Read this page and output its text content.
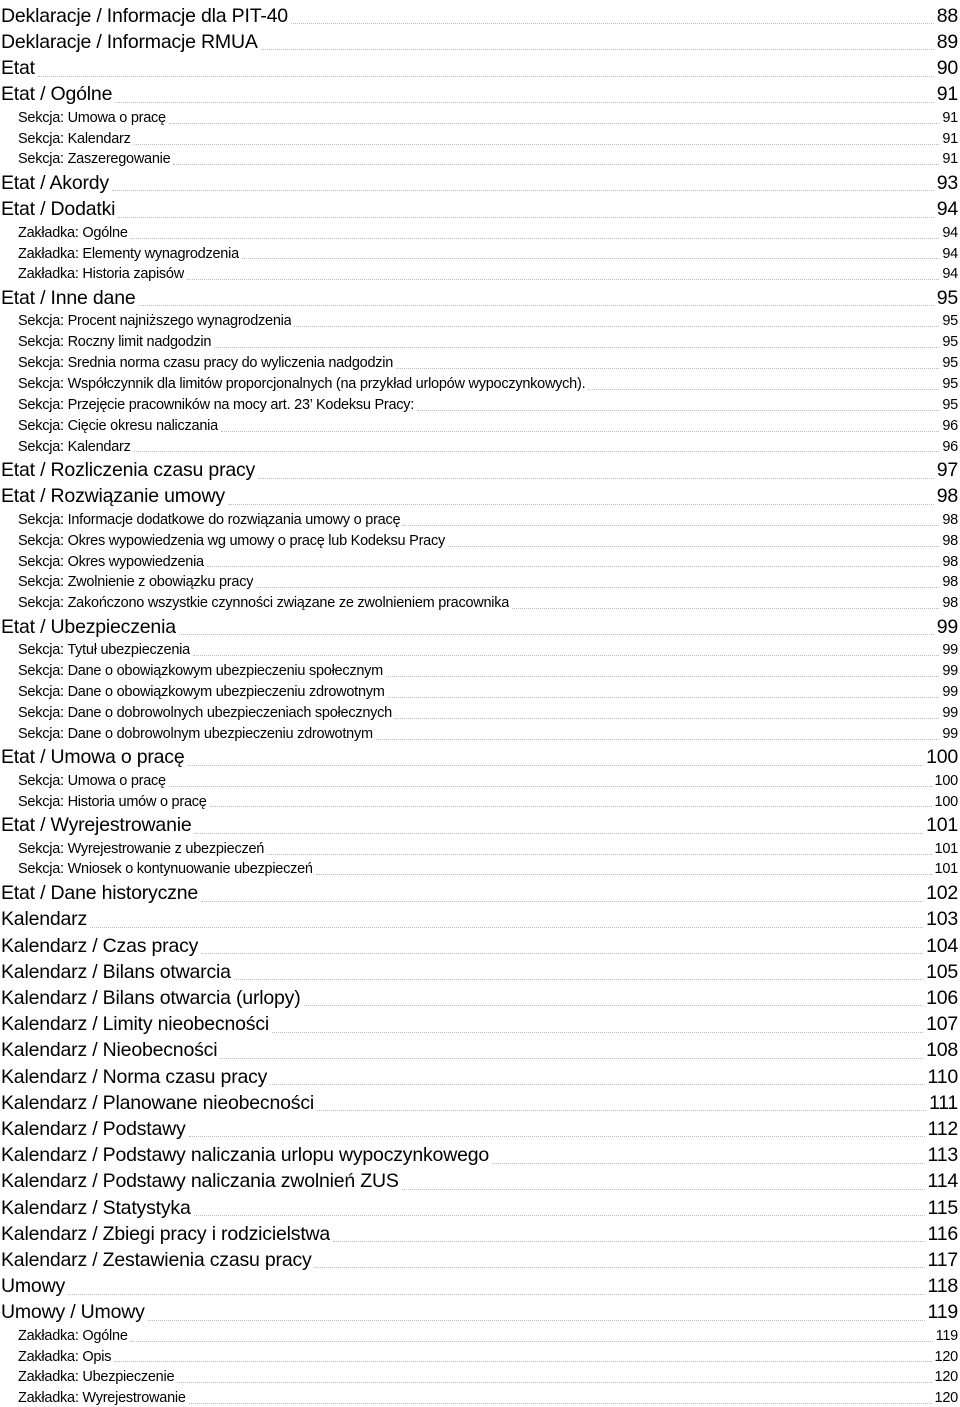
Deklaracje / Informacje dla PIT-40	88
Deklaracje / Informacje RMUA	89
Etat	90
Etat / Ogólne	91
Sekcja: Umowa o pracę	91
Sekcja: Kalendarz	91
Sekcja: Zaszeregowanie	91
Etat / Akordy	93
Etat / Dodatki	94
Zakładka: Ogólne	94
Zakładka: Elementy wynagrodzenia	94
Zakładka: Historia zapisów	94
Etat / Inne dane	95
Sekcja: Procent najniższego wynagrodzenia	95
Sekcja: Roczny limit nadgodzin	95
Sekcja: Średnia norma czasu pracy do wyliczenia nadgodzin	95
Sekcja: Współczynnik dla limitów proporcjonalnych (na przykład urlopów wypoczynkowych).	95
Sekcja: Przejęcie pracowników na mocy art. 23’ Kodeksu Pracy:	95
Sekcja: Cięcie okresu naliczania	96
Sekcja: Kalendarz	96
Etat / Rozliczenia czasu pracy	97
Etat / Rozwiązanie umowy	98
Sekcja: Informacje dodatkowe do rozwiązania umowy o pracę	98
Sekcja: Okres wypowiedzenia wg umowy o pracę lub Kodeksu Pracy	98
Sekcja: Okres wypowiedzenia	98
Sekcja: Zwolnienie z obowiązku pracy	98
Sekcja: Zakończono wszystkie czynności związane ze zwolnieniem pracownika	98
Etat / Ubezpieczenia	99
Sekcja: Tytuł ubezpieczenia	99
Sekcja: Dane o obowiązkowym ubezpieczeniu społecznym	99
Sekcja: Dane o obowiązkowym ubezpieczeniu zdrowotnym	99
Sekcja: Dane o dobrowolnych ubezpieczeniach społecznych	99
Sekcja: Dane o dobrowolnym ubezpieczeniu zdrowotnym	99
Etat / Umowa o pracę	100
Sekcja: Umowa o pracę	100
Sekcja: Historia umów o pracę	100
Etat / Wyrejestrowanie	101
Sekcja: Wyrejestrowanie z ubezpieczeń	101
Sekcja: Wniosek o kontynuowanie ubezpieczeń	101
Etat / Dane historyczne	102
Kalendarz	103
Kalendarz / Czas pracy	104
Kalendarz / Bilans otwarcia	105
Kalendarz / Bilans otwarcia (urlopy)	106
Kalendarz / Limity nieobecności	107
Kalendarz / Nieobecności	108
Kalendarz / Norma czasu pracy	110
Kalendarz / Planowane nieobecności	111
Kalendarz / Podstawy	112
Kalendarz / Podstawy naliczania urlopu wypoczynkowego	113
Kalendarz / Podstawy naliczania zwolnień ZUS	114
Kalendarz / Statystyka	115
Kalendarz / Zbiegi pracy i rodzicielstwa	116
Kalendarz / Zestawienia czasu pracy	117
Umowy	118
Umowy / Umowy	119
Zakładka: Ogólne	119
Zakładka: Opis	120
Zakładka: Ubezpieczenie	120
Zakładka: Wyrejestrowanie	120
